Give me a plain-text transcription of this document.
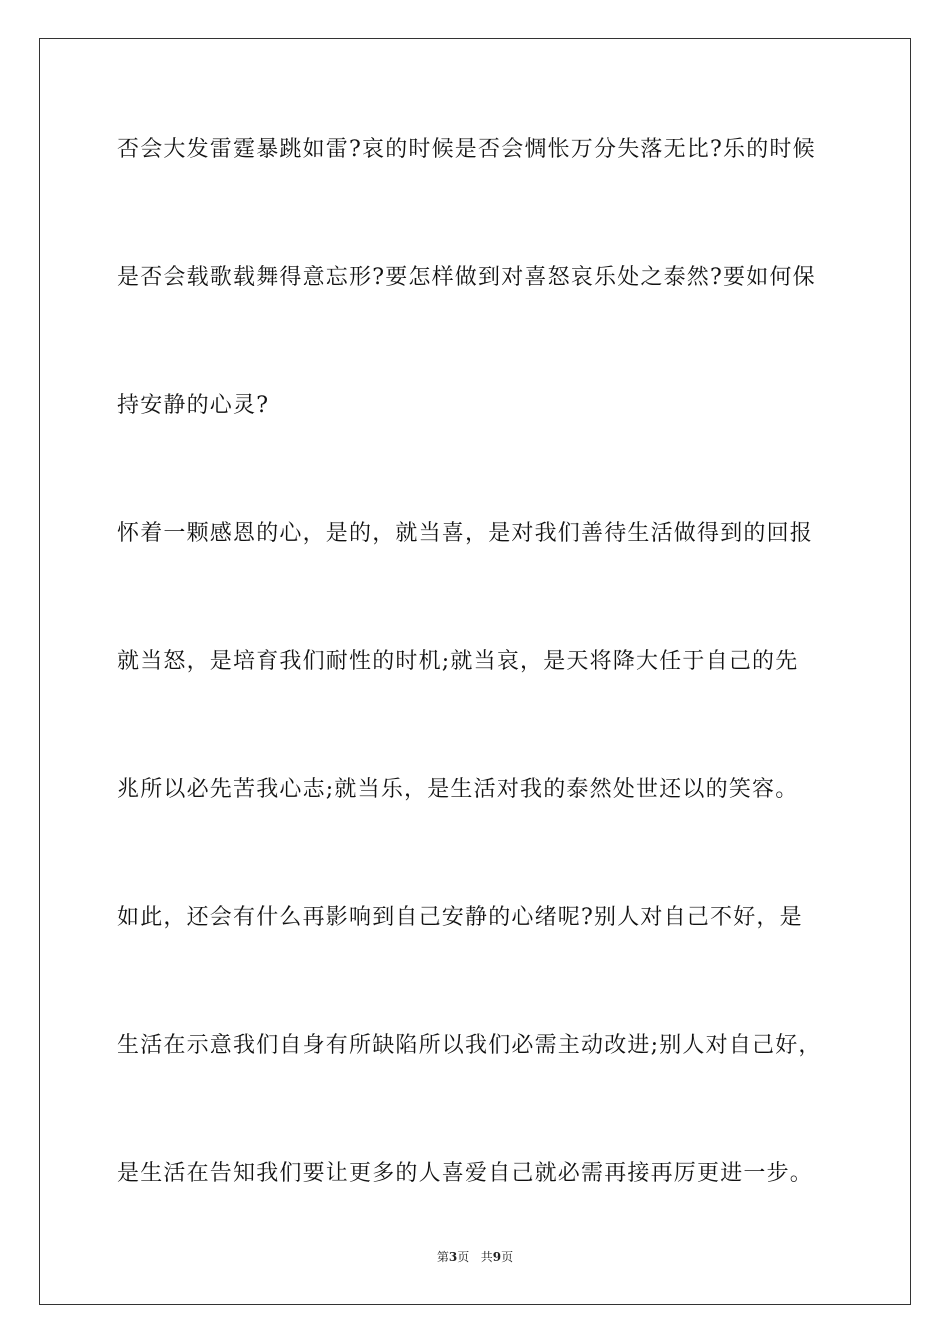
否会大发雷霆暴跳如雷?哀的时候是否会惆怅万分失落无比?乐的时候
是否会载歌载舞得意忘形?要怎样做到对喜怒哀乐处之泰然?要如何保
持安静的心灵?
怀着一颗感恩的心，是的，就当喜，是对我们善待生活做得到的回报
就当怒，是培育我们耐性的时机;就当哀，是天将降大任于自己的先
兆所以必先苦我心志;就当乐，是生活对我的泰然处世还以的笑容。
如此，还会有什么再影响到自己安静的心绪呢?别人对自己不好，是
生活在示意我们自身有所缺陷所以我们必需主动改进;别人对自己好，
是生活在告知我们要让更多的人喜爱自己就必需再接再厉更进一步。
第3页 共9页
